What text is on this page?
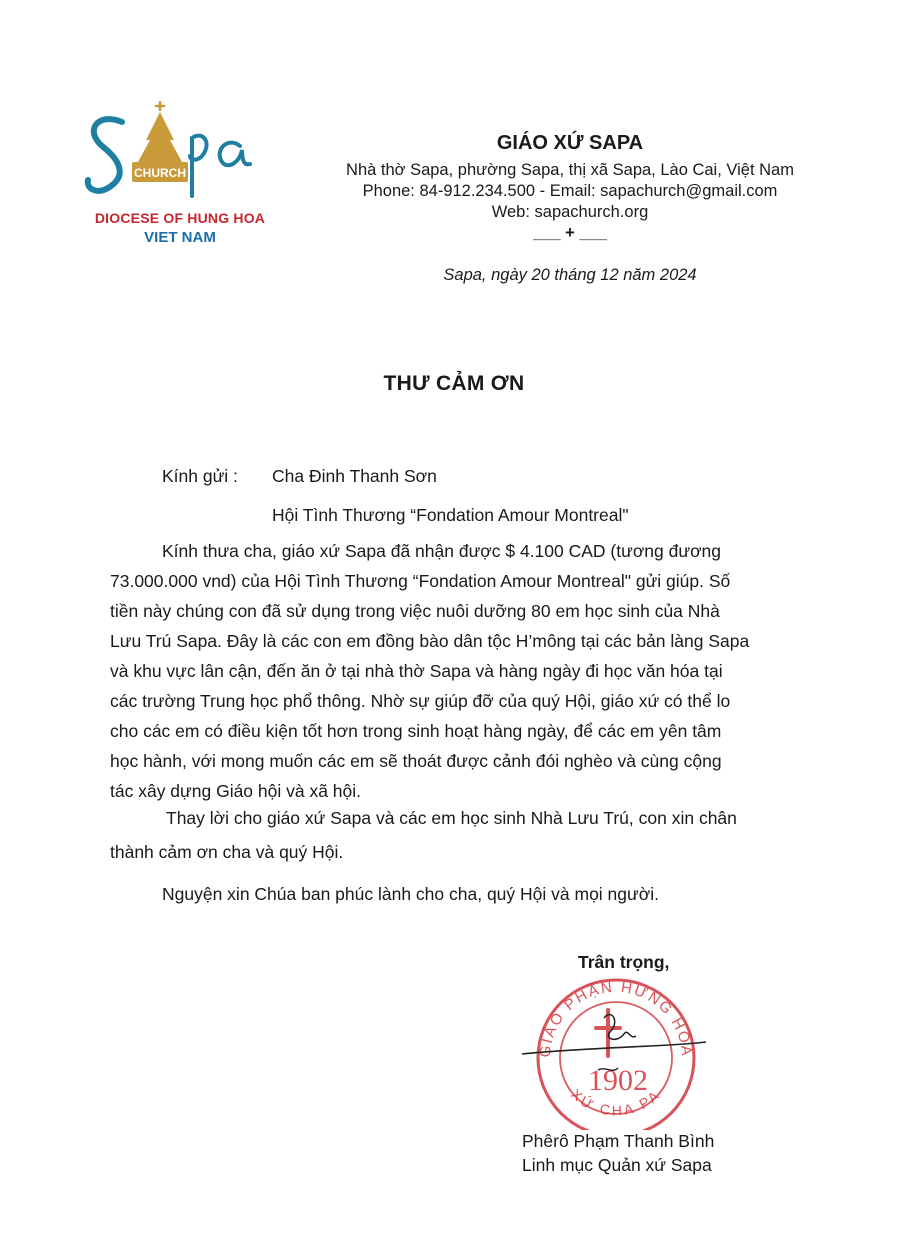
CHURCH
DIOCESE OF HUNG HOA
VIET NAM
GIÁO XỨ SAPA
Nhà thờ Sapa, phường Sapa, thị xã Sapa, Lào Cai, Việt Nam
Phone: 84-912.234.500 - Email: sapachurch@gmail.com
Web: sapachurch.org
___ + ___
Sapa, ngày 20 tháng 12 năm 2024
THƯ CẢM ƠN
Kính gửi : Cha Đinh Thanh Sơn
Hội Tình Thương “Fondation Amour Montreal"
Kính thưa cha, giáo xứ Sapa đã nhận được $ 4.100 CAD (tương đương
73.000.000 vnd) của Hội Tình Thương “Fondation Amour Montreal" gửi giúp. Số
tiền này chúng con đã sử dụng trong việc nuôi dưỡng 80 em học sinh của Nhà
Lưu Trú Sapa. Đây là các con em đồng bào dân tộc H’mông tại các bản làng Sapa
và khu vực lân cận, đến ăn ở tại nhà thờ Sapa và hàng ngày đi học văn hóa tại
các trường Trung học phổ thông. Nhờ sự giúp đỡ của quý Hội, giáo xứ có thể lo
cho các em có điều kiện tốt hơn trong sinh hoạt hàng ngày, để các em yên tâm
học hành, với mong muốn các em sẽ thoát được cảnh đói nghèo và cùng cộng
tác xây dựng Giáo hội và xã hội.
Thay lời cho giáo xứ Sapa và các em học sinh Nhà Lưu Trú, con xin chân
thành cảm ơn cha và quý Hội.
Nguyện xin Chúa ban phúc lành cho cha, quý Hội và mọi người.
Trân trọng,
GIÁO PHẬN HƯNG HÓA
XỨ CHA PA
1902
Phêrô Phạm Thanh Bình
Linh mục Quản xứ Sapa
